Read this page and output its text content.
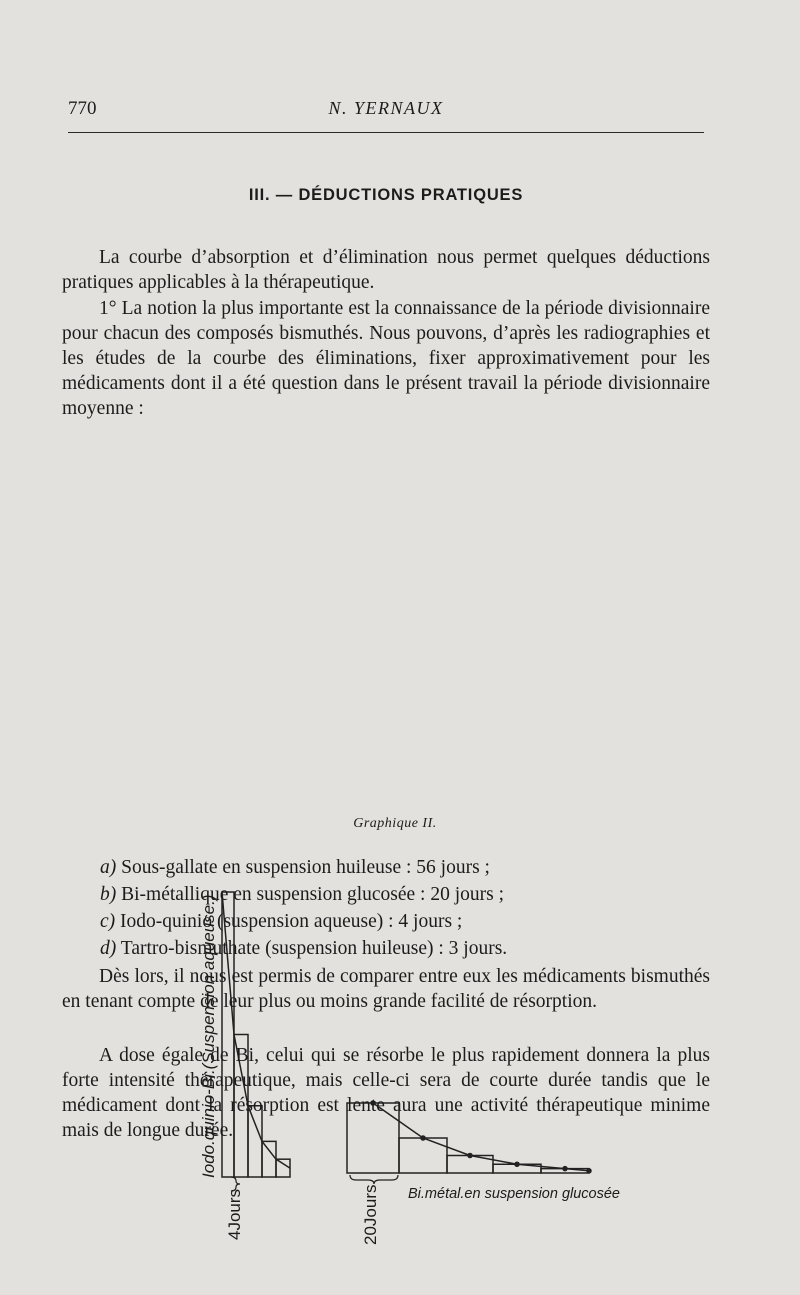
770	N. YERNAUX
III. — DÉDUCTIONS PRATIQUES

La courbe d’absorption et d’élimination nous permet quelques déductions pratiques applicables à la thérapeutique.

1° La notion la plus importante est la connaissance de la période divisionnaire pour chacun des composés bismuthés. Nous pouvons, d’après les radiographies et les études de la courbe des éliminations, fixer approximativement pour les médicaments dont il a été question dans le présent travail la période divisionnaire moyenne :

Iodo.quinio-Bi.(Suspension aqueuse.)
4Jours	20Jours Bi.métal.en suspension glucosée
Graphique II.
a) Sous-gallate en suspension huileuse : 56 jours ;
b) Bi-métallique en suspension glucosée : 20 jours ;
c) Iodo-quinio (suspension aqueuse) : 4 jours ;
d) Tartro-bismuthate (suspension huileuse) : 3 jours.

Dès lors, il nous est permis de comparer entre eux les médicaments bismuthés en tenant compte de leur plus ou moins grande facilité de résorption.

A dose égale de Bi, celui qui se résorbe le plus rapidement donnera la plus forte intensité thérapeutique, mais celle-ci sera de courte durée tandis que le médicament dont la résorption est lente aura une activité thérapeutique minime mais de longue durée.
